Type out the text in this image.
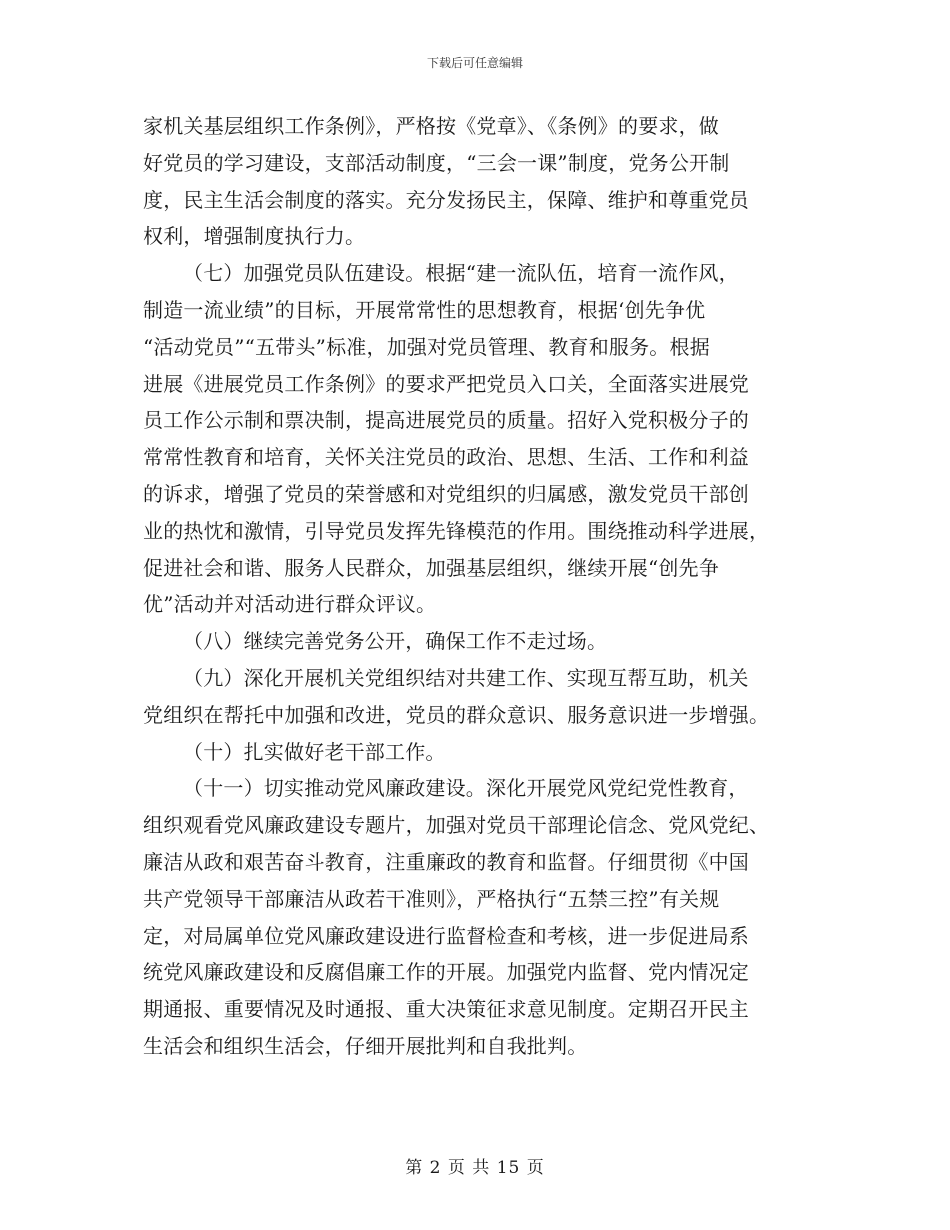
下载后可任意编辑
家机关基层组织工作条例》，严格按《党章》、《条例》的要求，做
好党员的学习建设，支部活动制度，“三会一课”制度，党务公开制
度，民主生活会制度的落实。充分发扬民主，保障、维护和尊重党员
权利，增强制度执行力。
（七）加强党员队伍建设。根据“建一流队伍，培育一流作风，
制造一流业绩”的目标，开展常常性的思想教育，根据‘创先争优
“活动党员”“五带头”标准，加强对党员管理、教育和服务。根据
进展《进展党员工作条例》的要求严把党员入口关，全面落实进展党
员工作公示制和票决制，提高进展党员的质量。招好入党积极分子的
常常性教育和培育，关怀关注党员的政治、思想、生活、工作和利益
的诉求，增强了党员的荣誉感和对党组织的归属感，激发党员干部创
业的热忱和激情，引导党员发挥先锋模范的作用。围绕推动科学进展，
促进社会和谐、服务人民群众，加强基层组织，继续开展“创先争
优”活动并对活动进行群众评议。
（八）继续完善党务公开，确保工作不走过场。
（九）深化开展机关党组织结对共建工作、实现互帮互助，机关
党组织在帮托中加强和改进，党员的群众意识、服务意识进一步增强。
（十）扎实做好老干部工作。
（十一）切实推动党风廉政建设。深化开展党风党纪党性教育，
组织观看党风廉政建设专题片，加强对党员干部理论信念、党风党纪、
廉洁从政和艰苦奋斗教育，注重廉政的教育和监督。仔细贯彻《中国
共产党领导干部廉洁从政若干准则》，严格执行“五禁三控”有关规
定，对局属单位党风廉政建设进行监督检查和考核，进一步促进局系
统党风廉政建设和反腐倡廉工作的开展。加强党内监督、党内情况定
期通报、重要情况及时通报、重大决策征求意见制度。定期召开民主
生活会和组织生活会，仔细开展批判和自我批判。
第 2 页 共 15 页
